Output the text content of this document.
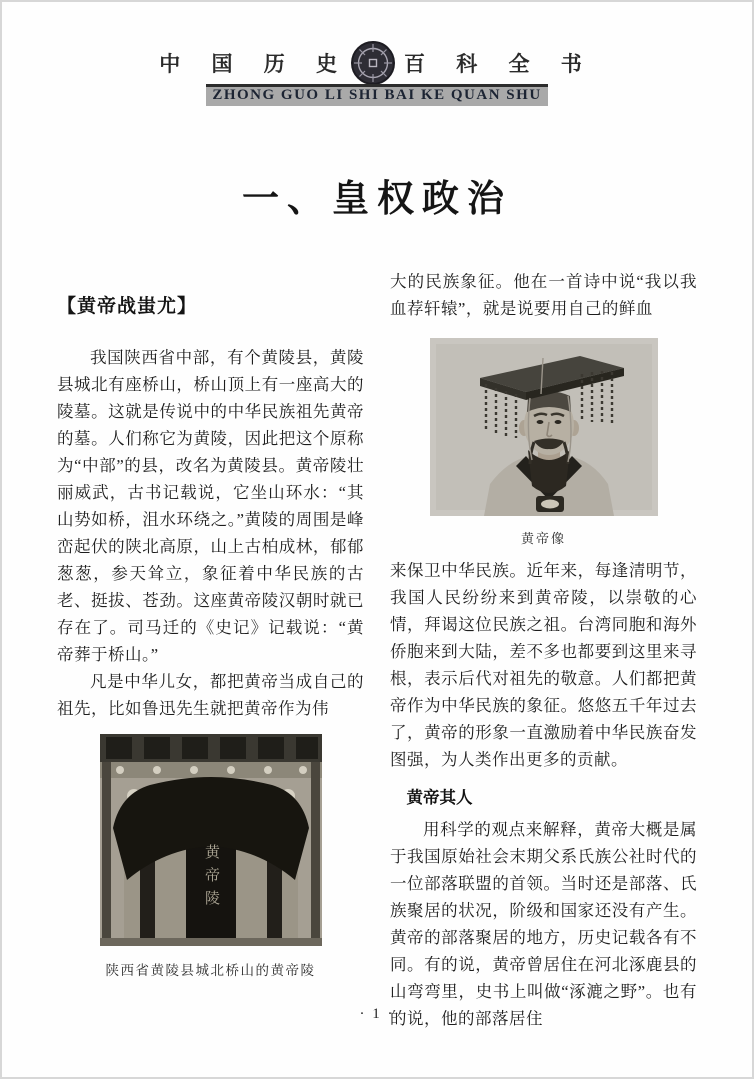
中 国 历 史	百 科 全 书
ZHONG GUO LI SHI BAI KE QUAN SHU
一、皇权政治
【黄帝战蚩尤】

我国陕西省中部，有个黄陵县，黄陵县城北有座桥山，桥山顶上有一座高大的陵墓。这就是传说中的中华民族祖先黄帝的墓。人们称它为黄陵，因此把这个原称为“中部”的县，改名为黄陵县。黄帝陵壮丽威武，古书记载说，它坐山环水：“其山势如桥，沮水环绕之。”黄陵的周围是峰峦起伏的陕北高原，山上古柏成林，郁郁葱葱，参天耸立，象征着中华民族的古老、挺拔、苍劲。这座黄帝陵汉朝时就已存在了。司马迁的《史记》记载说：“黄帝葬于桥山。”

凡是中华儿女，都把黄帝当成自己的祖先，比如鲁迅先生就把黄帝作为伟

黄帝陵
陕西省黄陵县城北桥山的黄帝陵

大的民族象征。他在一首诗中说“我以我血荐轩辕”，就是说要用自己的鲜血

黄帝像

来保卫中华民族。近年来，每逢清明节，我国人民纷纷来到黄帝陵，以崇敬的心情，拜谒这位民族之祖。台湾同胞和海外侨胞来到大陆，差不多也都要到这里来寻根，表示后代对祖先的敬意。人们都把黄帝作为中华民族的象征。悠悠五千年过去了，黄帝的形象一直激励着中华民族奋发图强，为人类作出更多的贡献。

黄帝其人

用科学的观点来解释，黄帝大概是属于我国原始社会末期父系氏族公社时代的一位部落联盟的首领。当时还是部落、氏族聚居的状况，阶级和国家还没有产生。黄帝的部落聚居的地方，历史记载各有不同。有的说，黄帝曾居住在河北涿鹿县的山弯弯里，史书上叫做“涿漉之野”。也有的说，他的部落居住

· 1 ·
